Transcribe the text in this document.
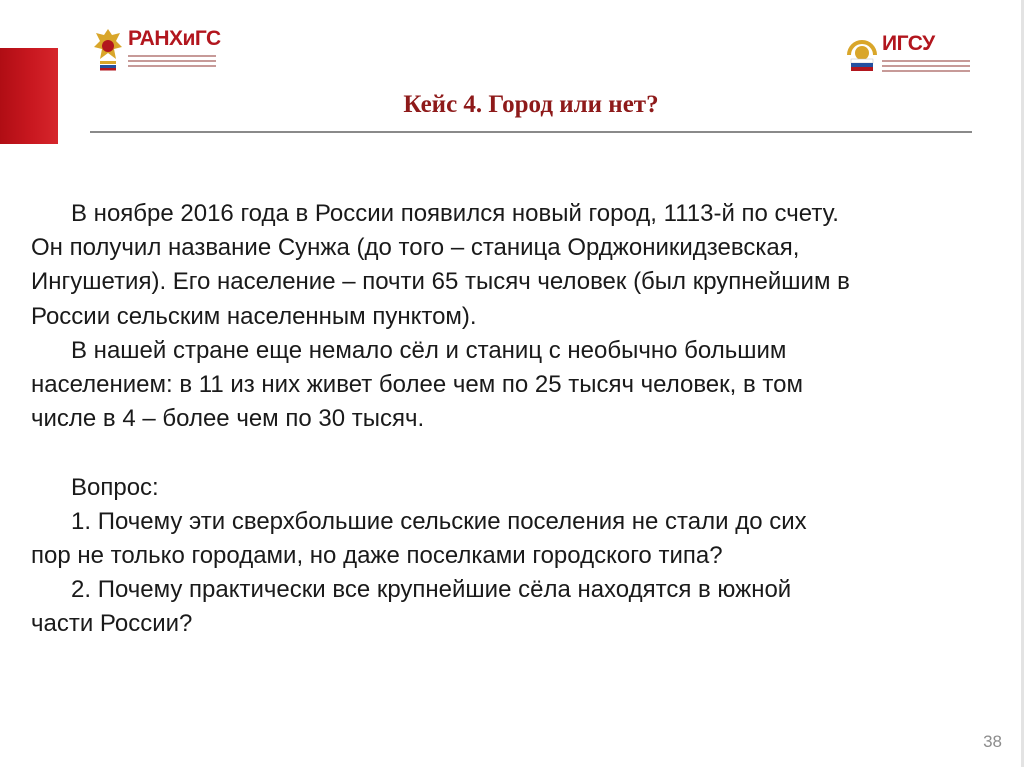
РАНХиГС	ИГСУ
Кейс 4. Город или нет?
В ноябре 2016 года в России появился новый город, 1113-й по счету.
Он получил название Сунжа (до того – станица Орджоникидзевская,
Ингушетия). Его население – почти 65 тысяч человек (был крупнейшим в
России сельским населенным пунктом).
В нашей стране еще немало сёл и станиц с необычно большим
населением: в 11 из них живет более чем по 25 тысяч человек, в том
числе в 4 – более чем по 30 тысяч.
Вопрос:
1. Почему эти сверхбольшие сельские поселения не стали до сих
пор не только городами, но даже поселками городского типа?
2. Почему практически все крупнейшие сёла находятся в южной
части России?
38
